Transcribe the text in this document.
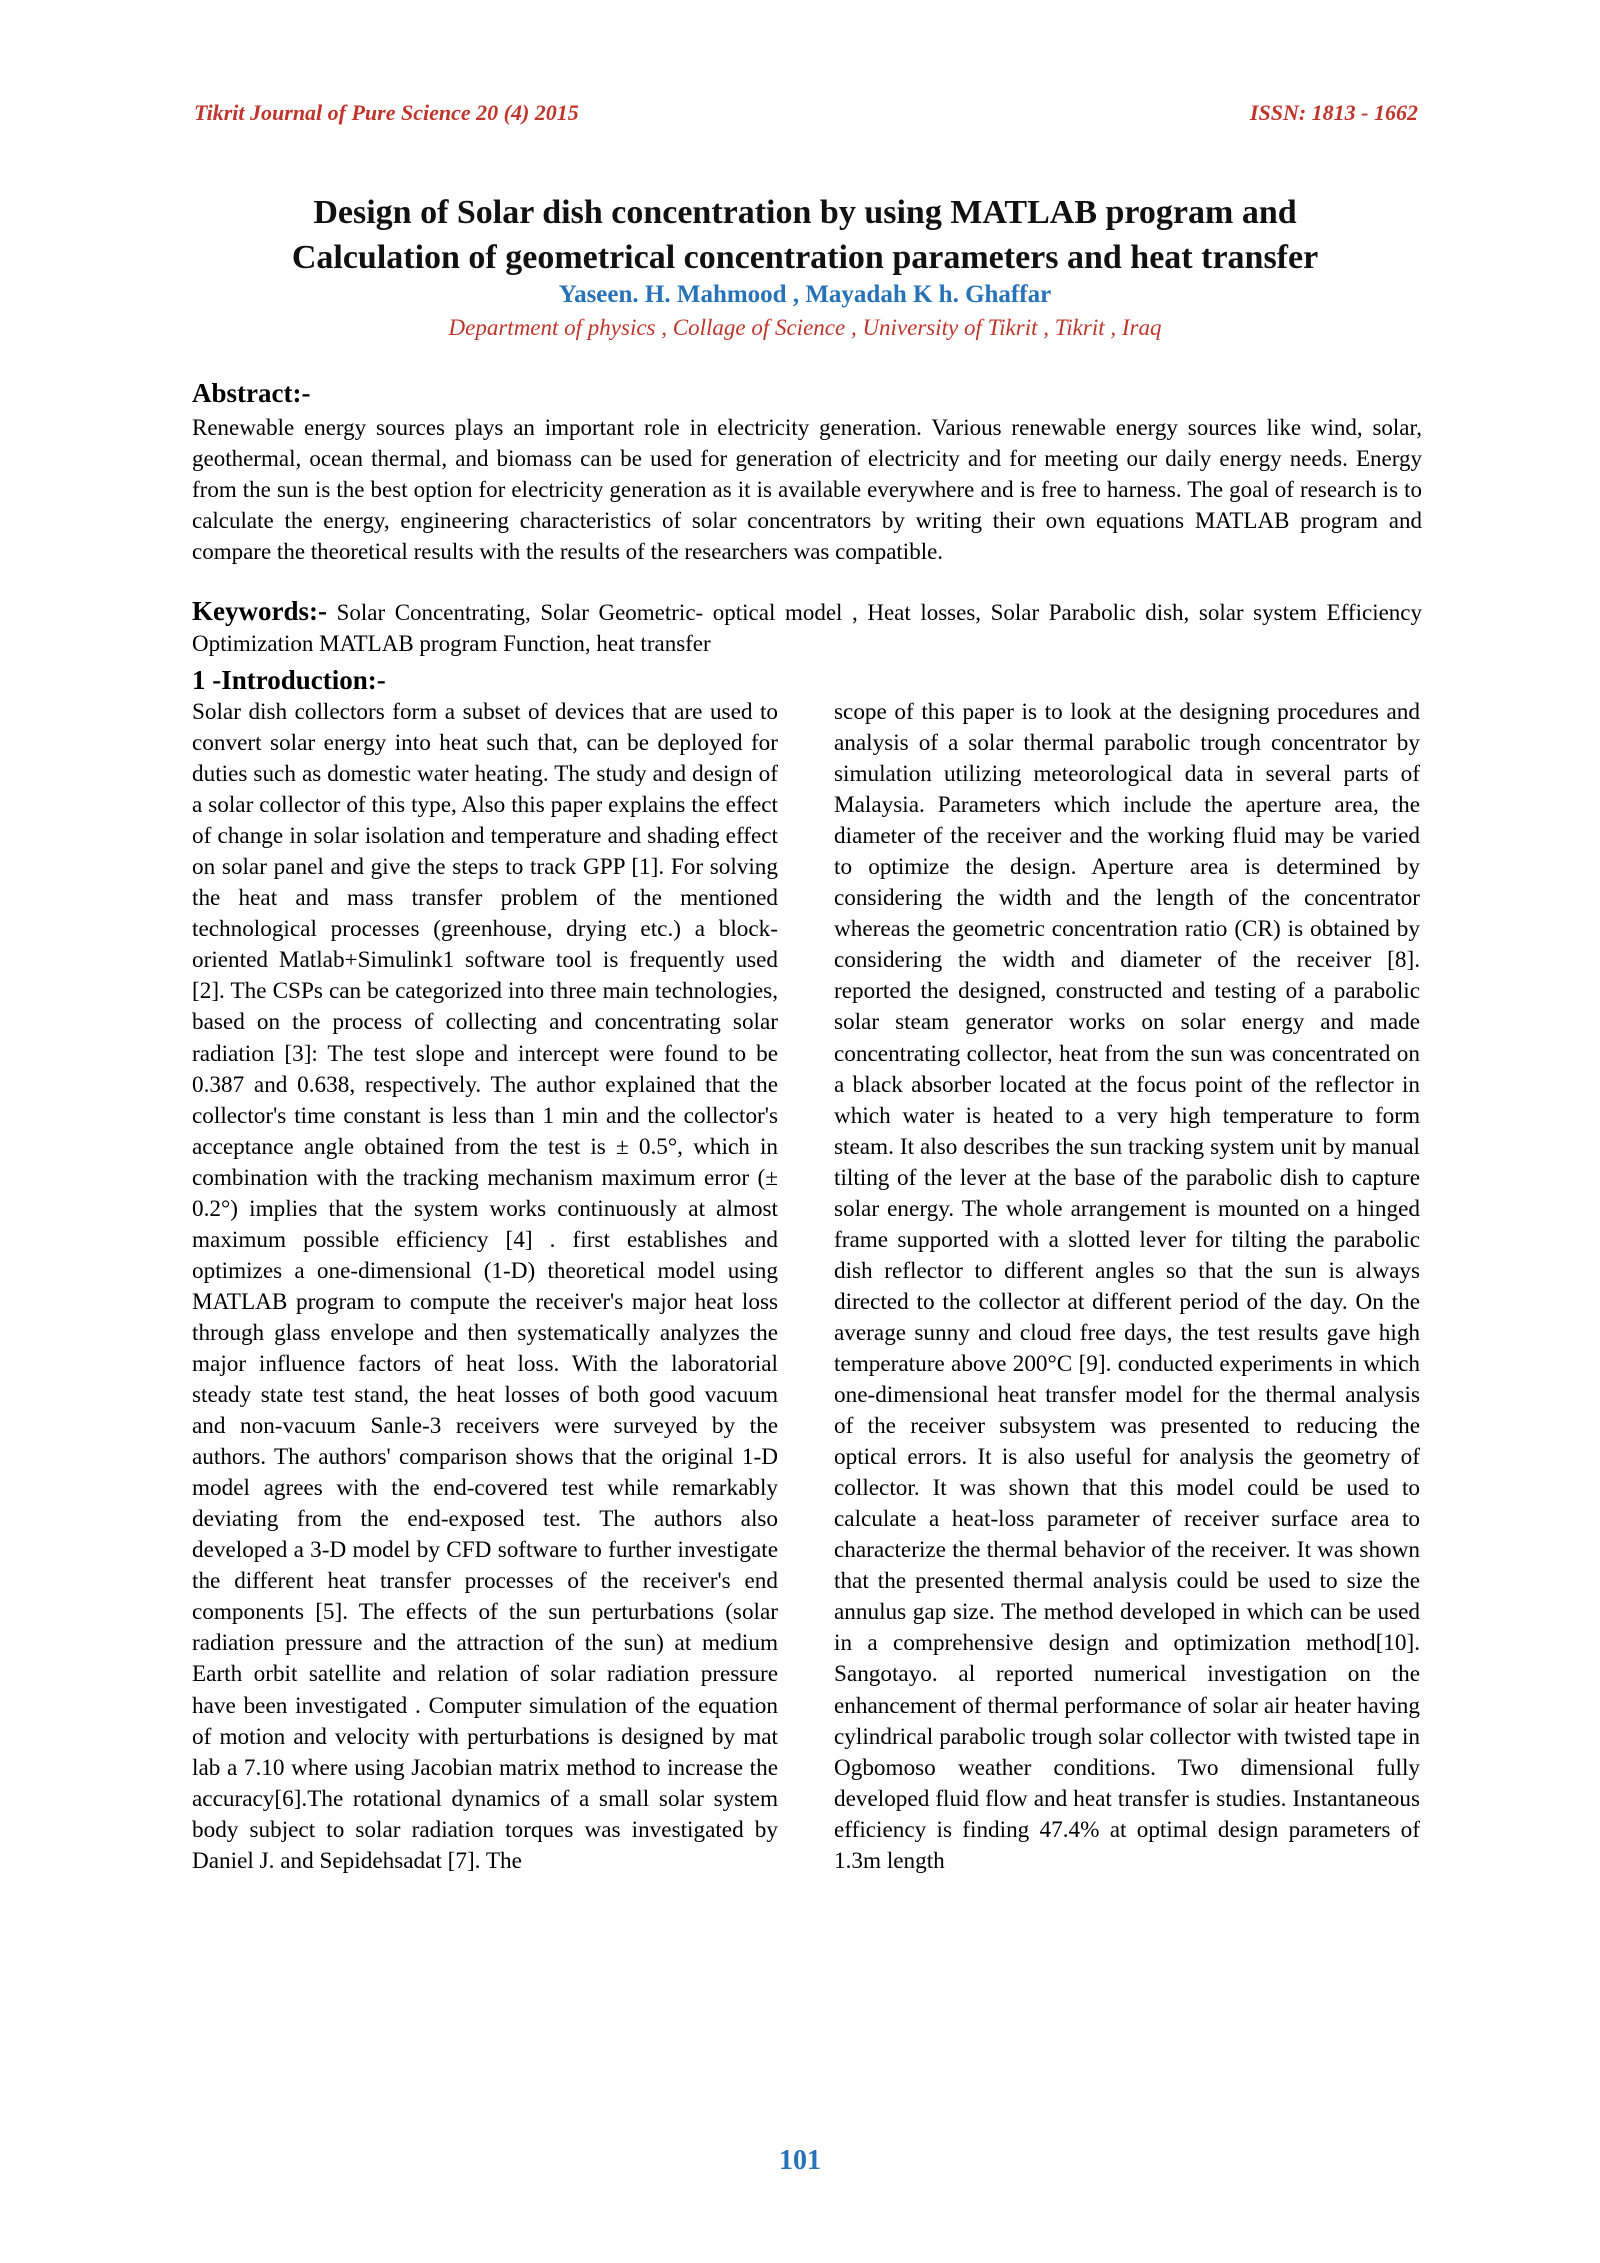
Tikrit Journal of Pure Science 20 (4) 2015	ISSN: 1813 - 1662
Design of Solar dish concentration by using MATLAB program and
Calculation of geometrical concentration parameters and heat transfer
Yaseen. H. Mahmood , Mayadah K h. Ghaffar
Department of physics , Collage of Science , University of Tikrit , Tikrit , Iraq
Abstract:-
Renewable energy sources plays an important role in electricity generation. Various renewable energy sources like wind, solar, geothermal, ocean thermal, and biomass can be used for generation of electricity and for meeting our daily energy needs. Energy from the sun is the best option for electricity generation as it is available everywhere and is free to harness. The goal of research is to calculate the energy, engineering characteristics of solar concentrators by writing their own equations MATLAB program and compare the theoretical results with the results of the researchers was compatible.
Keywords:- Solar Concentrating, Solar Geometric- optical model , Heat losses, Solar Parabolic dish, solar system Efficiency Optimization MATLAB program Function, heat transfer
1 -Introduction:-
Solar dish collectors form a subset of devices that are used to convert solar energy into heat such that, can be deployed for duties such as domestic water heating. The study and design of a solar collector of this type, Also this paper explains the effect of change in solar isolation and temperature and shading effect on solar panel and give the steps to track GPP [1]. For solving the heat and mass transfer problem of the mentioned technological processes (greenhouse, drying etc.) a block-oriented Matlab+Simulink1 software tool is frequently used [2]. The CSPs can be categorized into three main technologies, based on the process of collecting and concentrating solar radiation [3]: The test slope and intercept were found to be 0.387 and 0.638, respectively. The author explained that the collector's time constant is less than 1 min and the collector's acceptance angle obtained from the test is ± 0.5°, which in combination with the tracking mechanism maximum error (± 0.2°) implies that the system works continuously at almost maximum possible efficiency [4] . first establishes and optimizes a one-dimensional (1-D) theoretical model using MATLAB program to compute the receiver's major heat loss through glass envelope and then systematically analyzes the major influence factors of heat loss. With the laboratorial steady state test stand, the heat losses of both good vacuum and non-vacuum Sanle-3 receivers were surveyed by the authors. The authors' comparison shows that the original 1-D model agrees with the end-covered test while remarkably deviating from the end-exposed test. The authors also developed a 3-D model by CFD software to further investigate the different heat transfer processes of the receiver's end components [5]. The effects of the sun perturbations (solar radiation pressure and the attraction of the sun) at medium Earth orbit satellite and relation of solar radiation pressure have been investigated . Computer simulation of the equation of motion and velocity with perturbations is designed by mat lab a 7.10 where using Jacobian matrix method to increase the accuracy[6].The rotational dynamics of a small solar system body subject to solar radiation torques was investigated by Daniel J. and Sepidehsadat [7]. The
scope of this paper is to look at the designing procedures and analysis of a solar thermal parabolic trough concentrator by simulation utilizing meteorological data in several parts of Malaysia. Parameters which include the aperture area, the diameter of the receiver and the working fluid may be varied to optimize the design. Aperture area is determined by considering the width and the length of the concentrator whereas the geometric concentration ratio (CR) is obtained by considering the width and diameter of the receiver [8]. reported the designed, constructed and testing of a parabolic solar steam generator works on solar energy and made concentrating collector, heat from the sun was concentrated on a black absorber located at the focus point of the reflector in which water is heated to a very high temperature to form steam. It also describes the sun tracking system unit by manual tilting of the lever at the base of the parabolic dish to capture solar energy. The whole arrangement is mounted on a hinged frame supported with a slotted lever for tilting the parabolic dish reflector to different angles so that the sun is always directed to the collector at different period of the day. On the average sunny and cloud free days, the test results gave high temperature above 200°C [9]. conducted experiments in which one-dimensional heat transfer model for the thermal analysis of the receiver subsystem was presented to reducing the optical errors. It is also useful for analysis the geometry of collector. It was shown that this model could be used to calculate a heat-loss parameter of receiver surface area to characterize the thermal behavior of the receiver. It was shown that the presented thermal analysis could be used to size the annulus gap size. The method developed in which can be used in a comprehensive design and optimization method[10]. Sangotayo. al reported numerical investigation on the enhancement of thermal performance of solar air heater having cylindrical parabolic trough solar collector with twisted tape in Ogbomoso weather conditions. Two dimensional fully developed fluid flow and heat transfer is studies. Instantaneous efficiency is finding 47.4% at optimal design parameters of 1.3m length
101
